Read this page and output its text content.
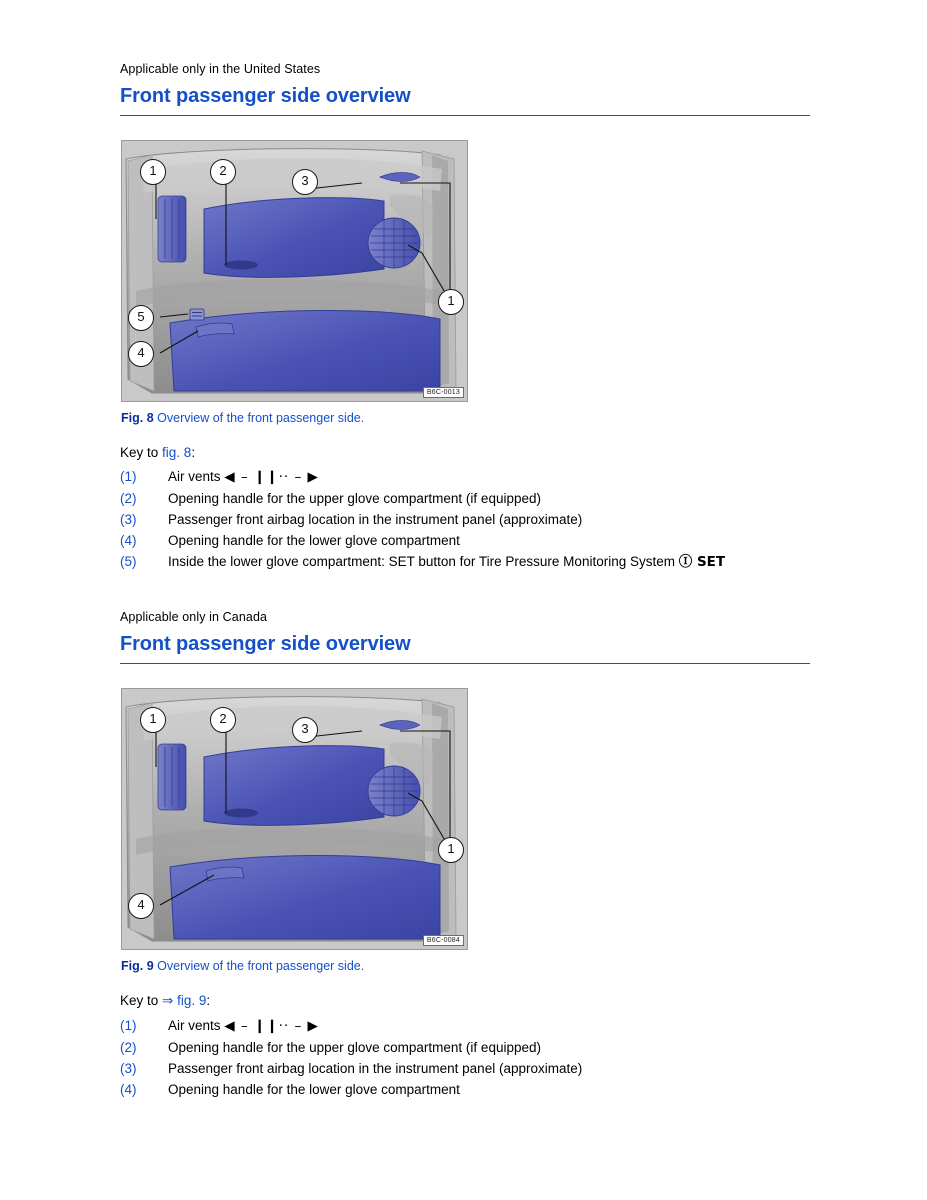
Applicable only in the United States
Front passenger side overview
1	2
3
1
5
4
B6C-0013
Fig. 8 Overview of the front passenger side.
Key to fig. 8:
(1)	Air vents ◀ – ❙❙·· – ▶
(2)	Opening handle for the upper glove compartment (if equipped)
(3)	Passenger front airbag location in the instrument panel (approximate)
(4)	Opening handle for the lower glove compartment
(5)	Inside the lower glove compartment: SET button for Tire Pressure Monitoring System Ⓘ SET
Applicable only in Canada
Front passenger side overview
1	2
3
1
4
B6C-0084
Fig. 9 Overview of the front passenger side.
Key to ⇒ fig. 9:
(1)	Air vents ◀ – ❙❙·· – ▶
(2)	Opening handle for the upper glove compartment (if equipped)
(3)	Passenger front airbag location in the instrument panel (approximate)
(4)	Opening handle for the lower glove compartment
